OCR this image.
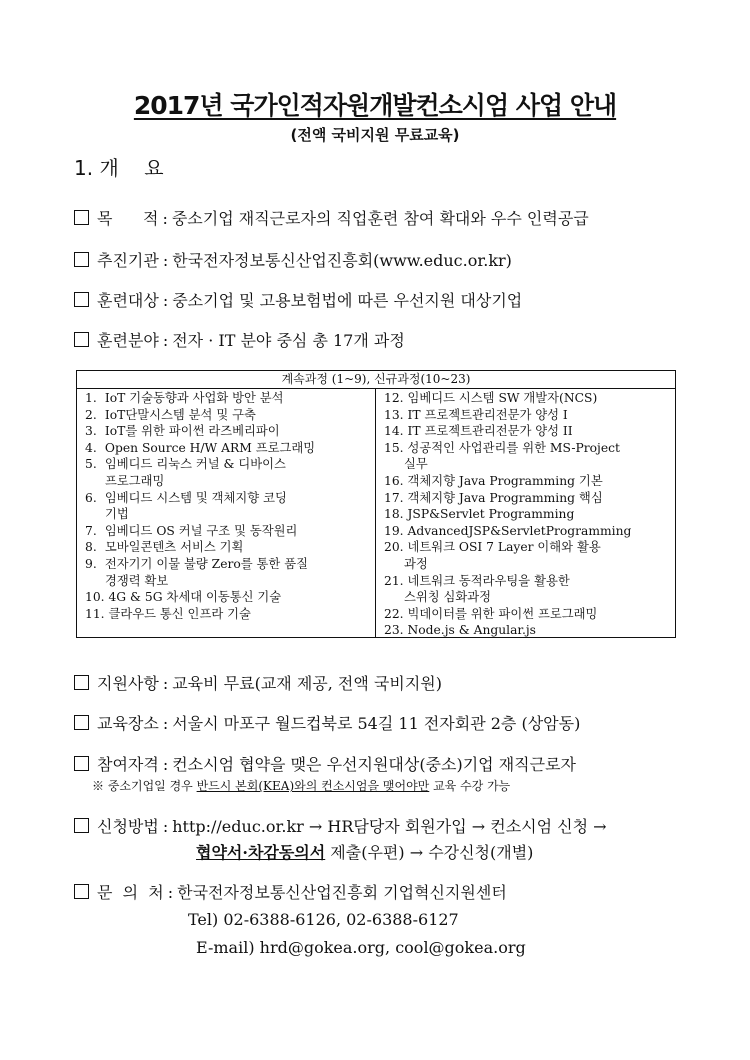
2017년 국가인적자원개발컨소시엄 사업 안내
(전액 국비지원 무료교육)
1. 개    요
목      적 : 중소기업 재직근로자의 직업훈련 참여 확대와 우수 인력공급
추진기관 : 한국전자정보통신산업진흥회(www.educ.or.kr)
훈련대상 : 중소기업 및 고용보험법에 따른 우선지원 대상기업
훈련분야 : 전자 · IT 분야 중심 총 17개 과정
계속과정 (1~9), 신규과정(10~23)
1. IoT 기술동향과 사업화 방안 분석
2. IoT단말시스템 분석 및 구축
3. IoT를 위한 파이썬 라즈베리파이
4. Open Source H/W ARM 프로그래밍
5. 임베디드 리눅스 커널 & 디바이스
프로그래밍
6. 임베디드 시스템 및 객체지향 코딩
기법
7. 임베디드 OS 커널 구조 및 동작원리
8. 모바일콘텐츠 서비스 기획
9. 전자기기 이물 불량 Zero를 통한 품질
경쟁력 확보
10. 4G & 5G 차세대 이동통신 기술
11. 클라우드 통신 인프라 기술
12. 임베디드 시스템 SW 개발자(NCS)
13. IT 프로젝트관리전문가 양성 I
14. IT 프로젝트관리전문가 양성 II
15. 성공적인 사업관리를 위한 MS-Project
실무
16. 객체지향 Java Programming 기본
17. 객체지향 Java Programming 핵심
18. JSP&Servlet Programming
19. AdvancedJSP&ServletProgramming
20. 네트워크 OSI 7 Layer 이해와 활용
과정
21. 네트워크 동적라우팅을 활용한
스위칭 심화과정
22. 빅데이터를 위한 파이썬 프로그래밍
23. Node.js & Angular.js
지원사항 : 교육비 무료(교재 제공, 전액 국비지원)
교육장소 : 서울시 마포구 월드컵북로 54길 11 전자회관 2층 (상암동)
참여자격 : 컨소시엄 협약을 맺은 우선지원대상(중소)기업 재직근로자
※ 중소기업일 경우 반드시 본회(KEA)와의 컨소시엄을 맺어야만 교육 수강 가능
신청방법 : http://educ.or.kr → HR담당자 회원가입 → 컨소시엄 신청 →
협약서·차감동의서 제출(우편) → 수강신청(개별)
문  의  처 : 한국전자정보통신산업진흥회 기업혁신지원센터
Tel) 02-6388-6126, 02-6388-6127
E-mail) hrd@gokea.org, cool@gokea.org
